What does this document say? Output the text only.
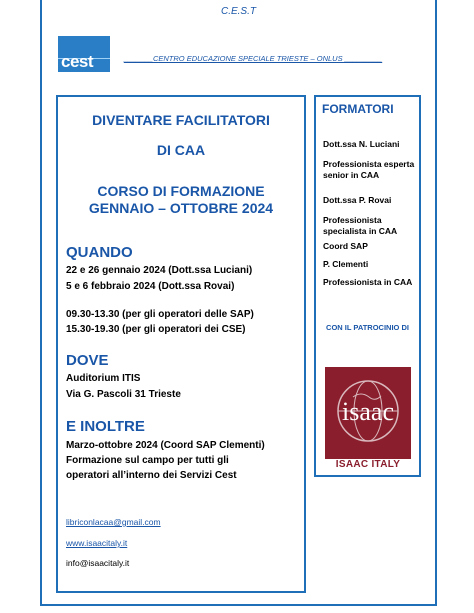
C.E.S.T
cest	_______CENTRO EDUCAZIONE SPECIALE TRIESTE – ONLUS _________
DIVENTARE FACILITATORI
DI CAA
CORSO DI FORMAZIONE
GENNAIO – OTTOBRE 2024
QUANDO
22 e 26 gennaio 2024 (Dott.ssa Luciani)
5 e 6 febbraio 2024 (Dott.ssa Rovai)
09.30-13.30 (per gli operatori delle SAP)
15.30-19.30 (per gli operatori dei CSE)
DOVE
Auditorium ITIS
Via G. Pascoli 31 Trieste
E INOLTRE
Marzo-ottobre 2024 (Coord SAP Clementi)
Formazione sul campo per tutti gli
operatori all’interno dei Servizi Cest
libriconlacaa@gmail.com
www.isaacitaly.it
info@isaacitaly.it
FORMATORI
Dott.ssa N. Luciani
Professionista esperta senior in CAA
Dott.ssa P. Rovai
Professionista specialista in CAA
Coord SAP
P. Clementi
Professionista in CAA
CON IL PATROCINIO DI
isaac
ISAAC ITALY
